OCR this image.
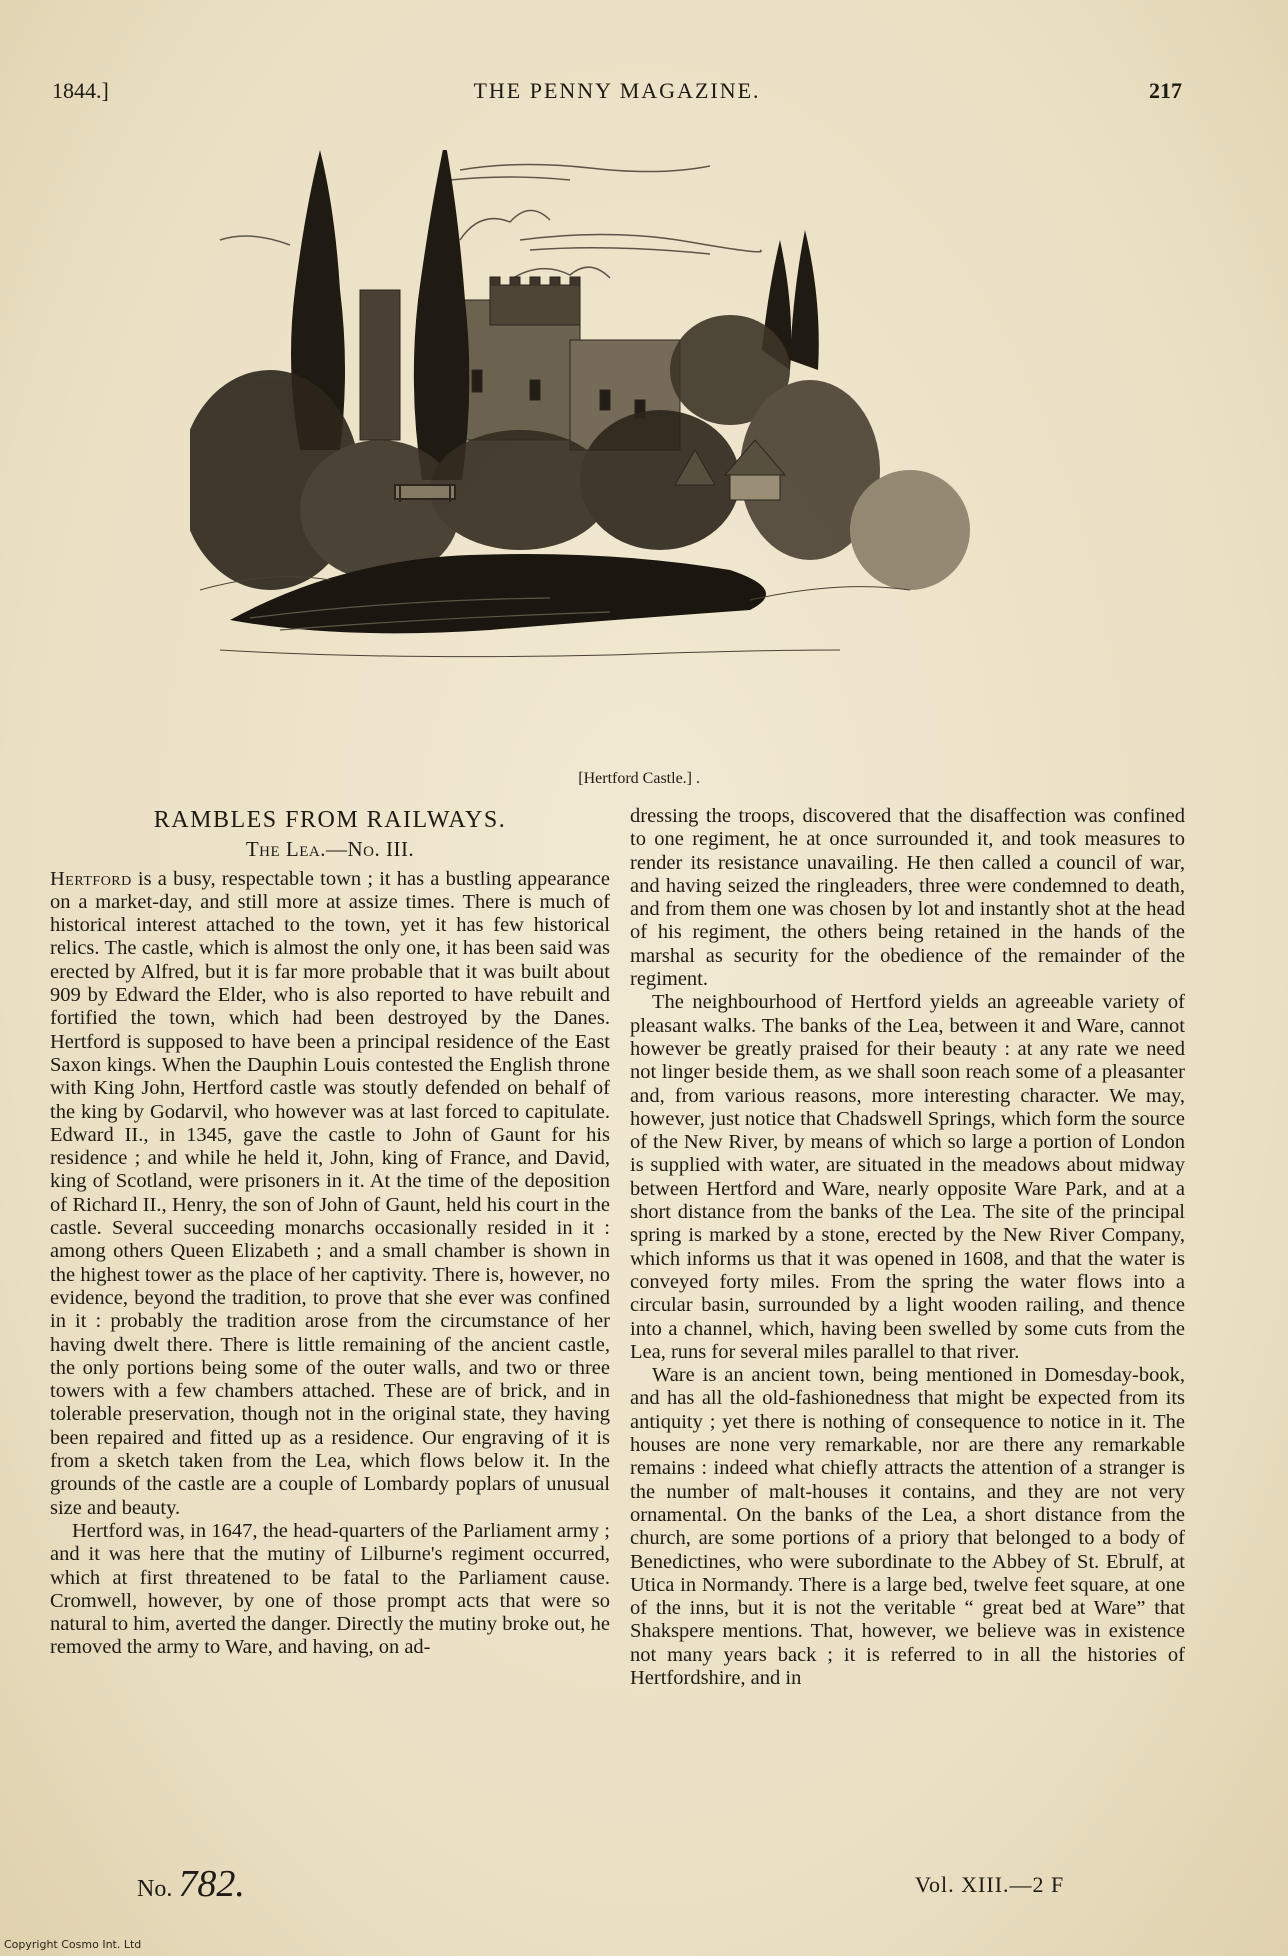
1844.]	THE PENNY MAGAZINE.	217
[Hertford Castle.] .
RAMBLES FROM RAILWAYS.
The Lea.—No. III.

Hertford is a busy, respectable town ; it has a bustling appearance on a market-day, and still more at assize times. There is much of historical interest attached to the town, yet it has few historical relics. The castle, which is almost the only one, it has been said was erected by Alfred, but it is far more probable that it was built about 909 by Edward the Elder, who is also reported to have rebuilt and fortified the town, which had been destroyed by the Danes. Hertford is supposed to have been a principal residence of the East Saxon kings. When the Dauphin Louis contested the English throne with King John, Hertford castle was stoutly defended on behalf of the king by Godarvil, who however was at last forced to capitulate. Edward II., in 1345, gave the castle to John of Gaunt for his residence ; and while he held it, John, king of France, and David, king of Scotland, were prisoners in it. At the time of the deposition of Richard II., Henry, the son of John of Gaunt, held his court in the castle. Several succeeding monarchs occasionally resided in it : among others Queen Elizabeth ; and a small chamber is shown in the highest tower as the place of her captivity. There is, however, no evidence, beyond the tradition, to prove that she ever was confined in it : probably the tradition arose from the circumstance of her having dwelt there. There is little remaining of the ancient castle, the only portions being some of the outer walls, and two or three towers with a few chambers attached. These are of brick, and in tolerable preservation, though not in the original state, they having been repaired and fitted up as a residence. Our engraving of it is from a sketch taken from the Lea, which flows below it. In the grounds of the castle are a couple of Lombardy poplars of unusual size and beauty.

Hertford was, in 1647, the head-quarters of the Parliament army ; and it was here that the mutiny of Lilburne's regiment occurred, which at first threatened to be fatal to the Parliament cause. Cromwell, however, by one of those prompt acts that were so natural to him, averted the danger. Directly the mutiny broke out, he removed the army to Ware, and having, on ad-

dressing the troops, discovered that the disaffection was confined to one regiment, he at once surrounded it, and took measures to render its resistance unavailing. He then called a council of war, and having seized the ringleaders, three were condemned to death, and from them one was chosen by lot and instantly shot at the head of his regiment, the others being retained in the hands of the marshal as security for the obedience of the remainder of the regiment.

The neighbourhood of Hertford yields an agreeable variety of pleasant walks. The banks of the Lea, between it and Ware, cannot however be greatly praised for their beauty : at any rate we need not linger beside them, as we shall soon reach some of a pleasanter and, from various reasons, more interesting character. We may, however, just notice that Chadswell Springs, which form the source of the New River, by means of which so large a portion of London is supplied with water, are situated in the meadows about midway between Hertford and Ware, nearly opposite Ware Park, and at a short distance from the banks of the Lea. The site of the principal spring is marked by a stone, erected by the New River Company, which informs us that it was opened in 1608, and that the water is conveyed forty miles. From the spring the water flows into a circular basin, surrounded by a light wooden railing, and thence into a channel, which, having been swelled by some cuts from the Lea, runs for several miles parallel to that river.

Ware is an ancient town, being mentioned in Domesday-book, and has all the old-fashionedness that might be expected from its antiquity ; yet there is nothing of consequence to notice in it. The houses are none very remarkable, nor are there any remarkable remains : indeed what chiefly attracts the attention of a stranger is the number of malt-houses it contains, and they are not very ornamental. On the banks of the Lea, a short distance from the church, are some portions of a priory that belonged to a body of Benedictines, who were subordinate to the Abbey of St. Ebrulf, at Utica in Normandy. There is a large bed, twelve feet square, at one of the inns, but it is not the veritable “ great bed at Ware” that Shakspere mentions. That, however, we believe was in existence not many years back ; it is referred to in all the histories of Hertfordshire, and in

No. 782.	Vol. XIII.—2 F
Copyright Cosmo Int. Ltd
